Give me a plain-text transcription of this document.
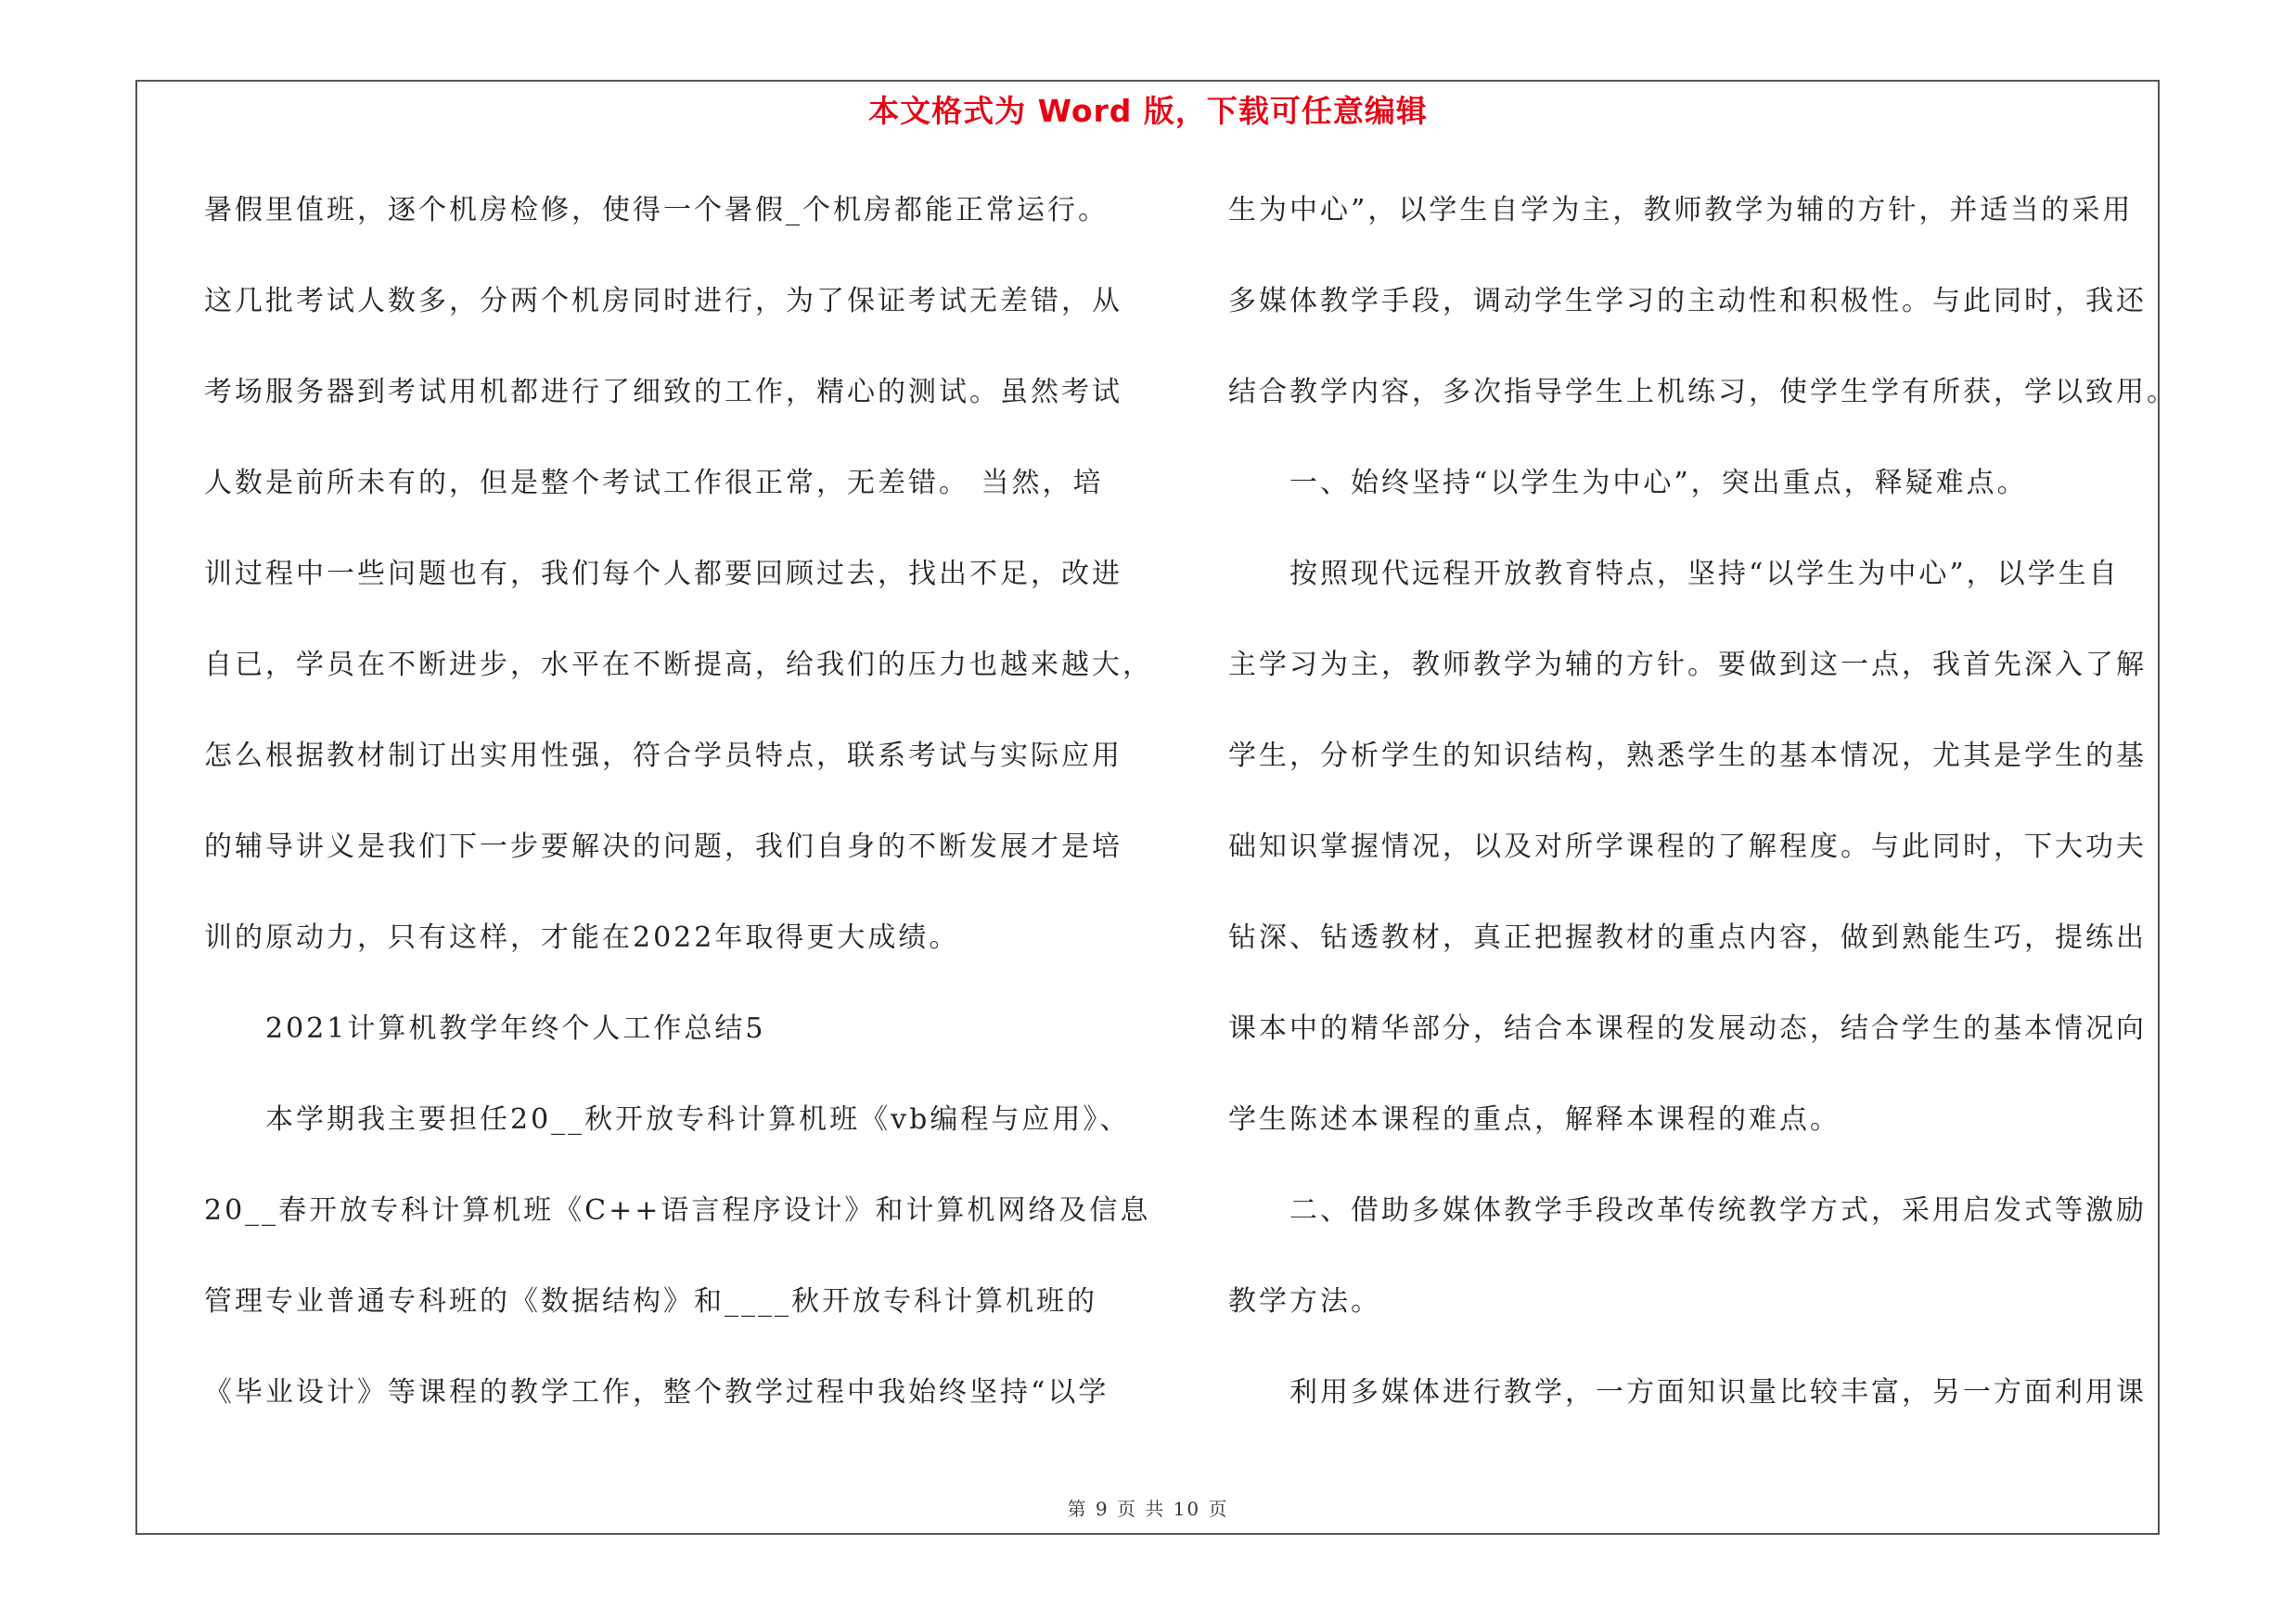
本文格式为 Word 版，下载可任意编辑
暑假里值班，逐个机房检修，使得一个暑假_个机房都能正常运行。
这几批考试人数多，分两个机房同时进行，为了保证考试无差错，从
考场服务器到考试用机都进行了细致的工作，精心的测试。虽然考试
人数是前所未有的，但是整个考试工作很正常，无差错。 当然，培
训过程中一些问题也有，我们每个人都要回顾过去，找出不足，改进
自已，学员在不断进步，水平在不断提高，给我们的压力也越来越大，
怎么根据教材制订出实用性强，符合学员特点，联系考试与实际应用
的辅导讲义是我们下一步要解决的问题，我们自身的不断发展才是培
训的原动力，只有这样，才能在2022年取得更大成绩。
2021计算机教学年终个人工作总结5
本学期我主要担任20__秋开放专科计算机班《vb编程与应用》、
20__春开放专科计算机班《C++语言程序设计》和计算机网络及信息
管理专业普通专科班的《数据结构》和____秋开放专科计算机班的
《毕业设计》等课程的教学工作，整个教学过程中我始终坚持“以学
生为中心”，以学生自学为主，教师教学为辅的方针，并适当的采用
多媒体教学手段，调动学生学习的主动性和积极性。与此同时，我还
结合教学内容，多次指导学生上机练习，使学生学有所获，学以致用。
一、始终坚持“以学生为中心”，突出重点，释疑难点。
按照现代远程开放教育特点，坚持“以学生为中心”，以学生自
主学习为主，教师教学为辅的方针。要做到这一点，我首先深入了解
学生，分析学生的知识结构，熟悉学生的基本情况，尤其是学生的基
础知识掌握情况，以及对所学课程的了解程度。与此同时，下大功夫
钻深、钻透教材，真正把握教材的重点内容，做到熟能生巧，提练出
课本中的精华部分，结合本课程的发展动态，结合学生的基本情况向
学生陈述本课程的重点，解释本课程的难点。
二、借助多媒体教学手段改革传统教学方式，采用启发式等激励
教学方法。
利用多媒体进行教学，一方面知识量比较丰富，另一方面利用课
第 9 页 共 10 页
